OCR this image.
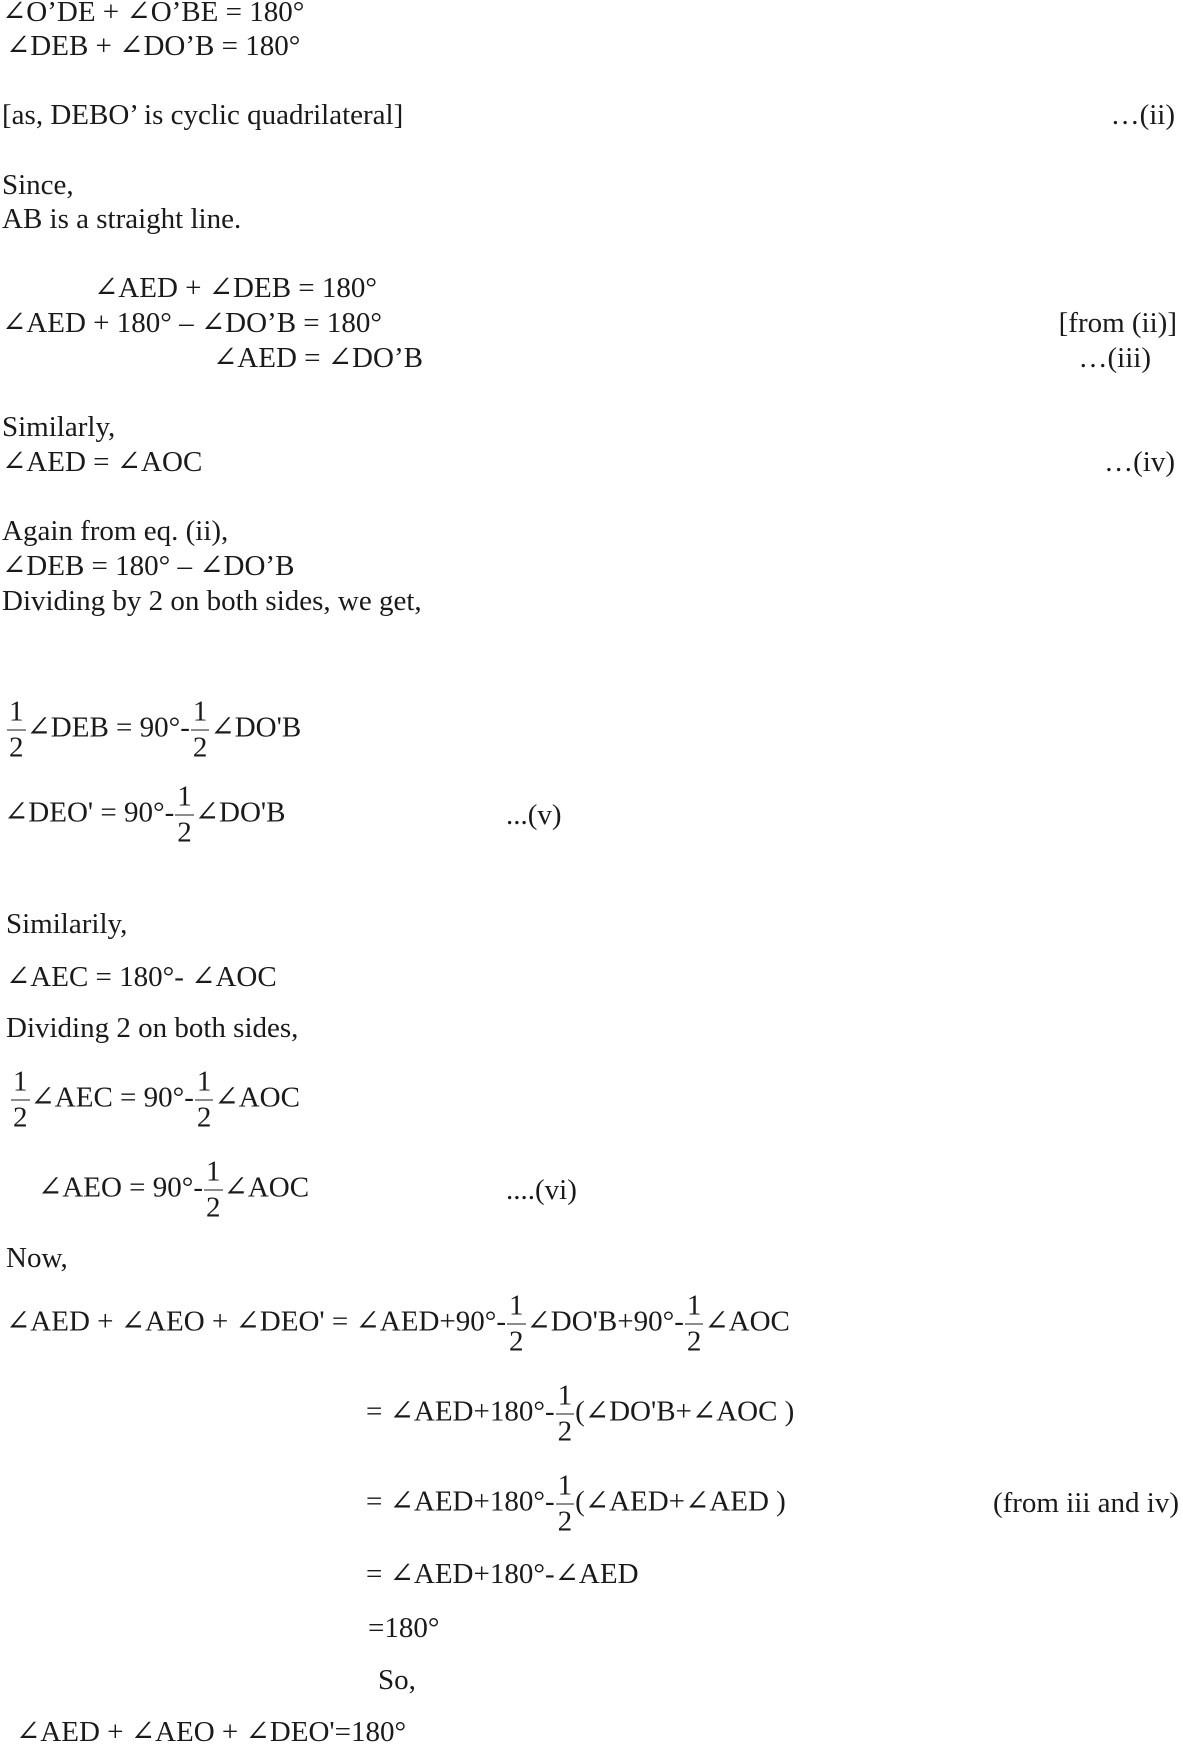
∠O’DE + ∠O’BE = 180°
∠DEB + ∠DO’B = 180°
[as, DEBO’ is cyclic quadrilateral]	…(ii)
Since,
AB is a straight line.
∠AED + ∠DEB = 180°
∠AED + 180° – ∠DO’B = 180°	[from (ii)]
∠AED = ∠DO’B	…(iii)
Similarly,
∠AED = ∠AOC	…(iv)
Again from eq. (ii),
∠DEB = 180° – ∠DO’B
Dividing by 2 on both sides, we get,
$\frac{1}{2}$ ∠DEB = $90^\circ- \frac{1}{2}$ ∠DO'B
∠DEO' = $90^\circ- \frac{1}{2}$ ∠DO'B	...(v)
Similarily,
∠AEC = 180°- ∠AOC
Dividing 2 on both sides,
$\frac{1}{2}$ ∠AEC = $90^\circ- \frac{1}{2}$ ∠AOC
∠AEO = $90^\circ- \frac{1}{2}$ ∠AOC	....(vi)
Now,
∠AED + ∠AEO + ∠DEO' = ∠AED+90°- $\frac{1}{2}$ ∠DO'B+90°- $\frac{1}{2}$ ∠AOC
= ∠AED+180°- $\frac{1}{2}$ (∠DO'B+∠AOC )
= ∠AED+180°- $\frac{1}{2}$ (∠AED+∠AED )	(from iii and iv)
= ∠AED+180°-∠AED
=180°
So,
∠AED + ∠AEO + ∠DEO'=180°
